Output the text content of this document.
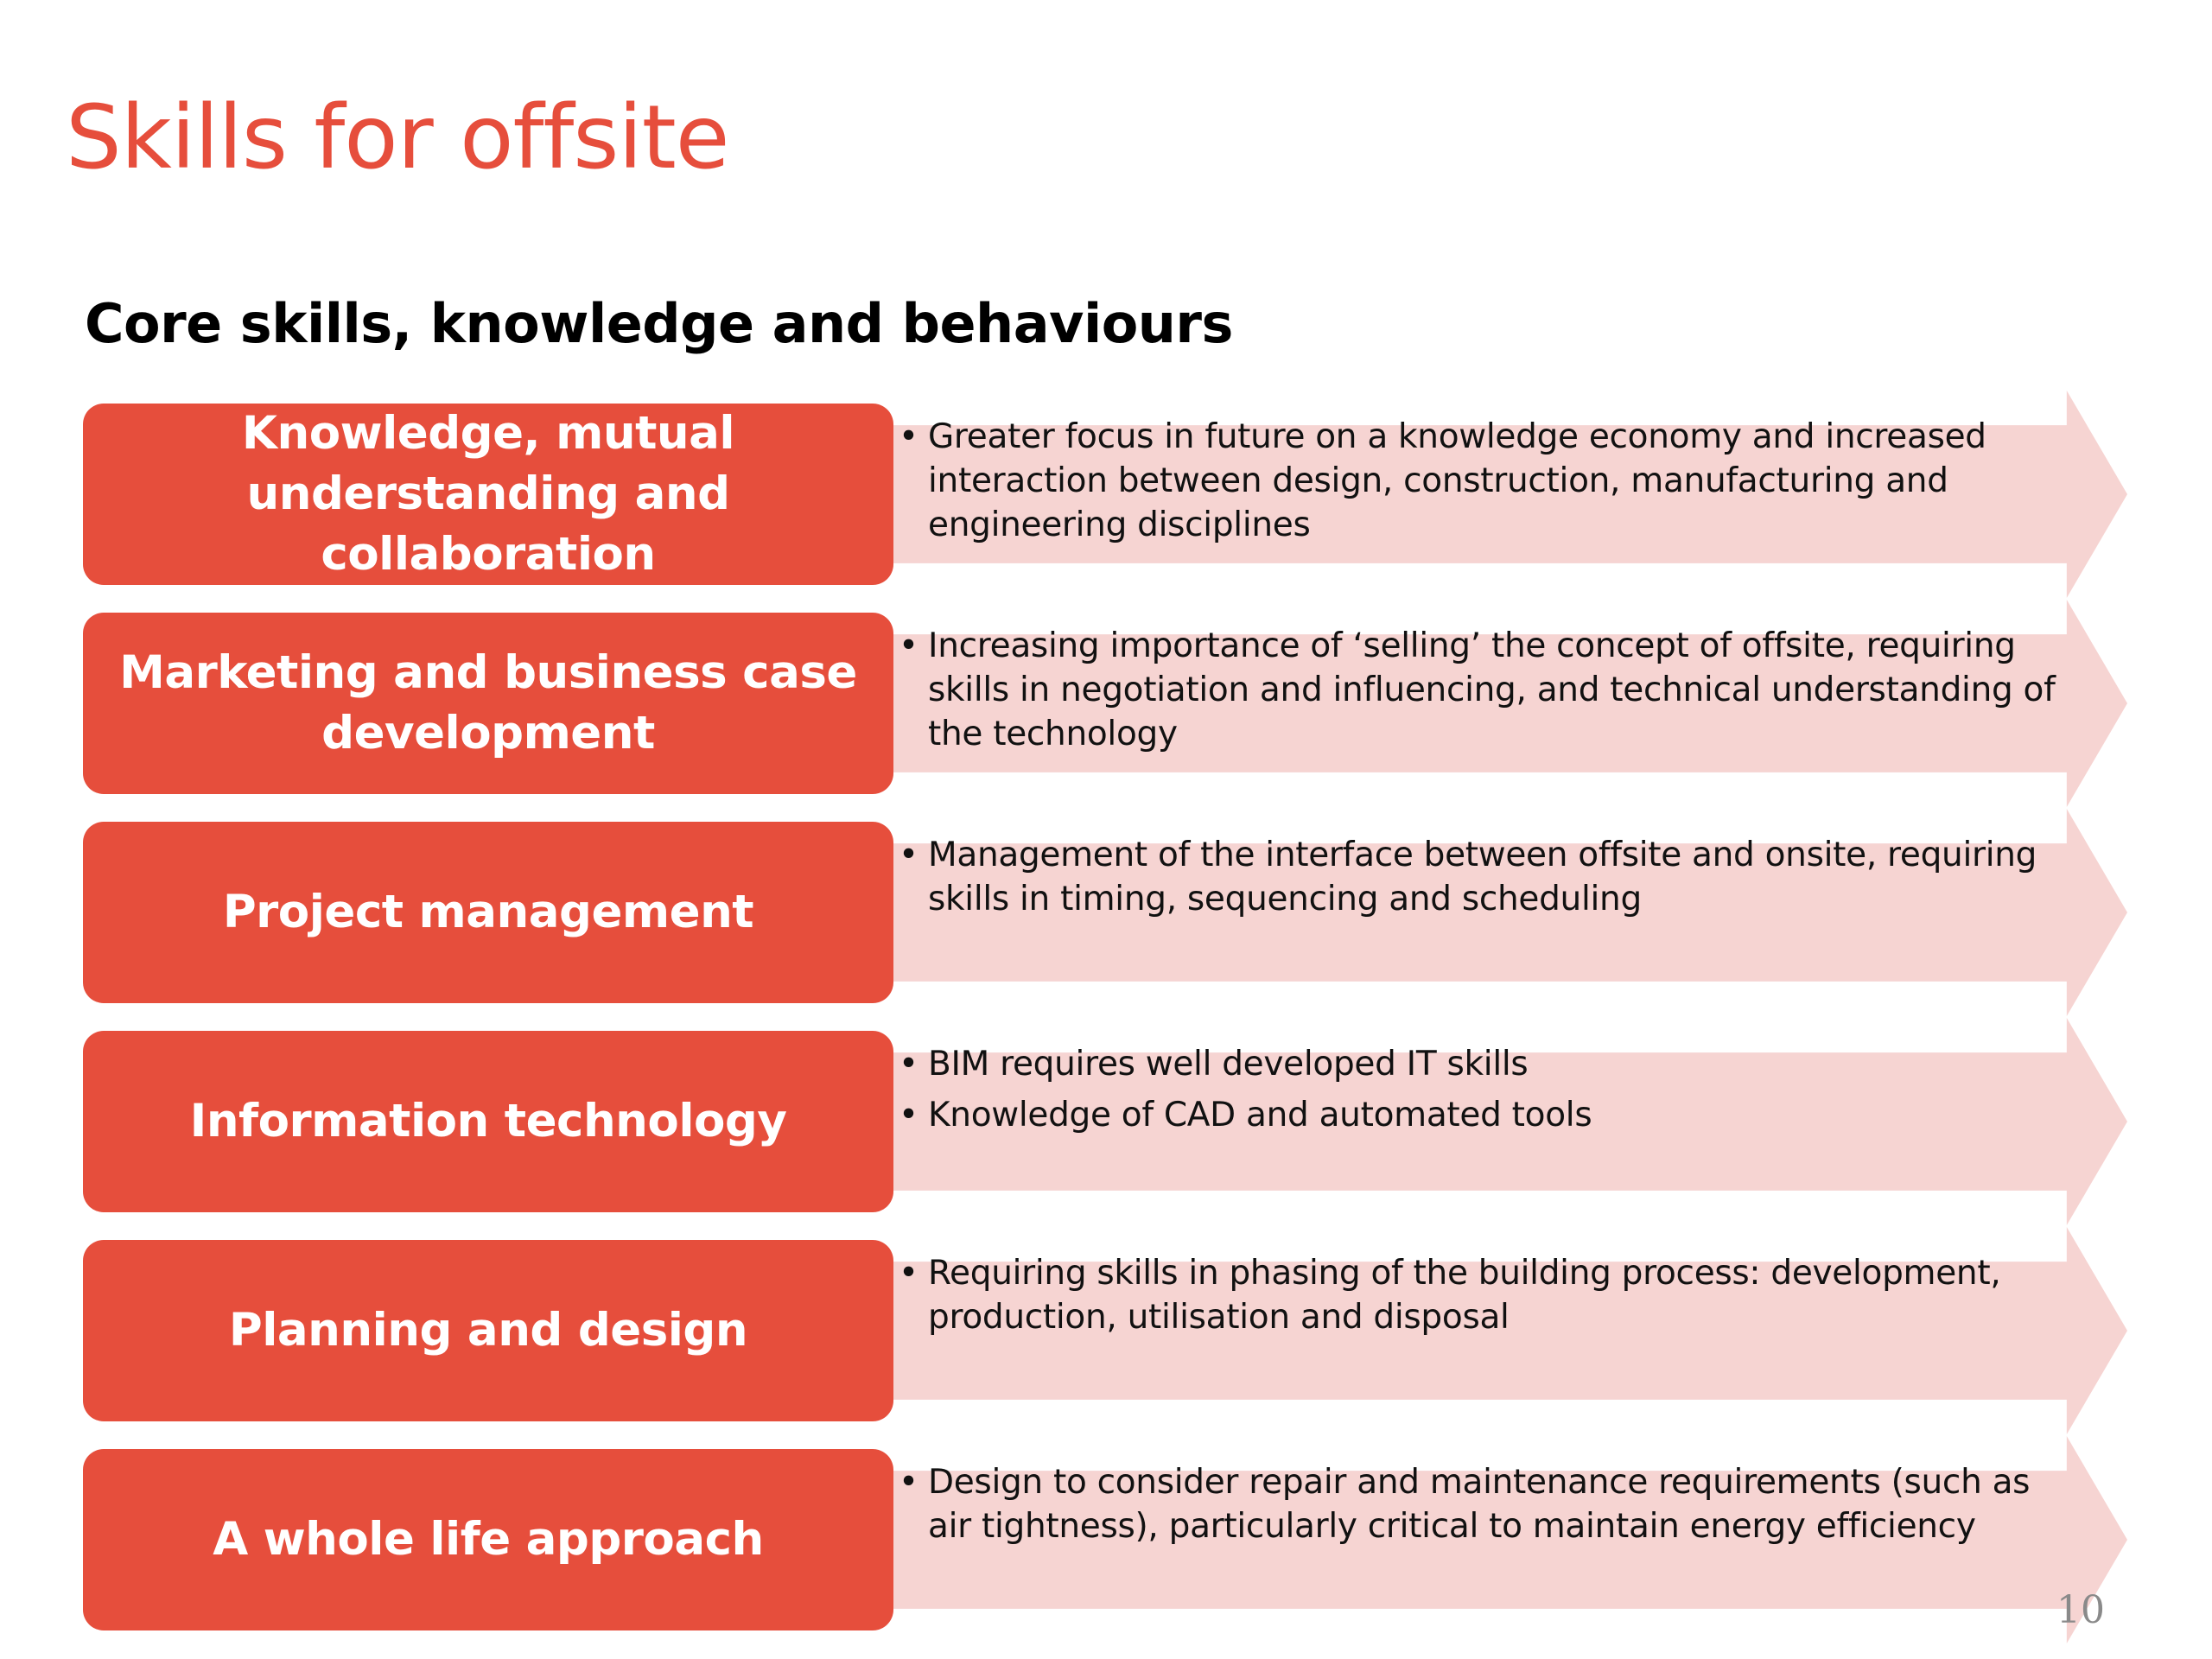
Skills for offsite
Core skills, knowledge and behaviours
Knowledge, mutual understanding and collaboration
• Greater focus in future on a knowledge economy and increased interaction between design, construction, manufacturing and engineering disciplines
Marketing and business case development
• Increasing importance of ‘selling’ the concept of offsite, requiring skills in negotiation and influencing, and technical understanding of the technology
Project management
• Management of the interface between offsite and onsite, requiring skills in timing, sequencing and scheduling
Information technology
• BIM requires well developed IT skills
• Knowledge of CAD and automated tools
Planning and design
• Requiring skills in phasing of the building process: development, production, utilisation and disposal
A whole life approach
• Design to consider repair and maintenance requirements (such as air tightness), particularly critical to maintain energy efficiency
10
